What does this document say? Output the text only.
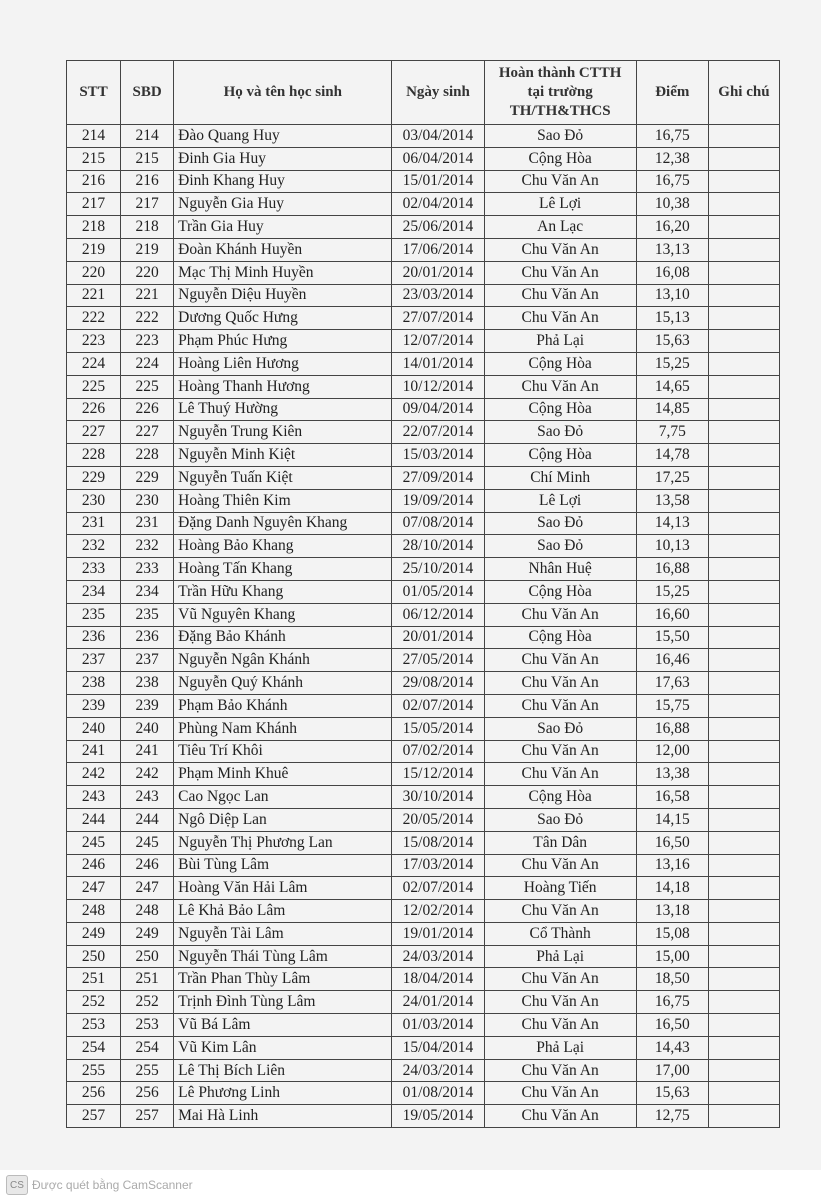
STT	SBD	Họ và tên học sinh	Ngày sinh	Hoàn thành CTTH
tại trường
TH/TH&THCS	Điểm	Ghi chú
214	214	Đào Quang Huy	03/04/2014	Sao Đỏ	16,75	
215	215	Đinh Gia Huy	06/04/2014	Cộng Hòa	12,38	
216	216	Đinh Khang Huy	15/01/2014	Chu Văn An	16,75	
217	217	Nguyễn Gia Huy	02/04/2014	Lê Lợi	10,38	
218	218	Trần Gia Huy	25/06/2014	An Lạc	16,20	
219	219	Đoàn Khánh Huyền	17/06/2014	Chu Văn An	13,13	
220	220	Mạc Thị Minh Huyền	20/01/2014	Chu Văn An	16,08	
221	221	Nguyễn Diệu Huyền	23/03/2014	Chu Văn An	13,10	
222	222	Dương Quốc Hưng	27/07/2014	Chu Văn An	15,13	
223	223	Phạm Phúc Hưng	12/07/2014	Phả Lại	15,63	
224	224	Hoàng Liên Hương	14/01/2014	Cộng Hòa	15,25	
225	225	Hoàng Thanh Hương	10/12/2014	Chu Văn An	14,65	
226	226	Lê Thuý Hường	09/04/2014	Cộng Hòa	14,85	
227	227	Nguyễn Trung Kiên	22/07/2014	Sao Đỏ	7,75	
228	228	Nguyễn Minh Kiệt	15/03/2014	Cộng Hòa	14,78	
229	229	Nguyễn Tuấn Kiệt	27/09/2014	Chí Minh	17,25	
230	230	Hoàng Thiên Kim	19/09/2014	Lê Lợi	13,58	
231	231	Đặng Danh Nguyên Khang	07/08/2014	Sao Đỏ	14,13	
232	232	Hoàng Bảo Khang	28/10/2014	Sao Đỏ	10,13	
233	233	Hoàng Tấn Khang	25/10/2014	Nhân Huệ	16,88	
234	234	Trần Hữu Khang	01/05/2014	Cộng Hòa	15,25	
235	235	Vũ Nguyên Khang	06/12/2014	Chu Văn An	16,60	
236	236	Đặng Bảo Khánh	20/01/2014	Cộng Hòa	15,50	
237	237	Nguyễn Ngân Khánh	27/05/2014	Chu Văn An	16,46	
238	238	Nguyễn Quý Khánh	29/08/2014	Chu Văn An	17,63	
239	239	Phạm Bảo Khánh	02/07/2014	Chu Văn An	15,75	
240	240	Phùng Nam Khánh	15/05/2014	Sao Đỏ	16,88	
241	241	Tiêu Trí Khôi	07/02/2014	Chu Văn An	12,00	
242	242	Phạm Minh Khuê	15/12/2014	Chu Văn An	13,38	
243	243	Cao Ngọc Lan	30/10/2014	Cộng Hòa	16,58	
244	244	Ngô Diệp Lan	20/05/2014	Sao Đỏ	14,15	
245	245	Nguyễn Thị Phương Lan	15/08/2014	Tân Dân	16,50	
246	246	Bùi Tùng Lâm	17/03/2014	Chu Văn An	13,16	
247	247	Hoàng Văn Hải Lâm	02/07/2014	Hoàng Tiến	14,18	
248	248	Lê Khả Bảo Lâm	12/02/2014	Chu Văn An	13,18	
249	249	Nguyễn Tài Lâm	19/01/2014	Cổ Thành	15,08	
250	250	Nguyễn Thái Tùng Lâm	24/03/2014	Phả Lại	15,00	
251	251	Trần Phan Thùy Lâm	18/04/2014	Chu Văn An	18,50	
252	252	Trịnh Đình Tùng Lâm	24/01/2014	Chu Văn An	16,75	
253	253	Vũ Bá Lâm	01/03/2014	Chu Văn An	16,50	
254	254	Vũ Kim Lân	15/04/2014	Phả Lại	14,43	
255	255	Lê Thị Bích Liên	24/03/2014	Chu Văn An	17,00	
256	256	Lê Phương Linh	01/08/2014	Chu Văn An	15,63	
257	257	Mai Hà Linh	19/05/2014	Chu Văn An	12,75	
CS Được quét bằng CamScanner
